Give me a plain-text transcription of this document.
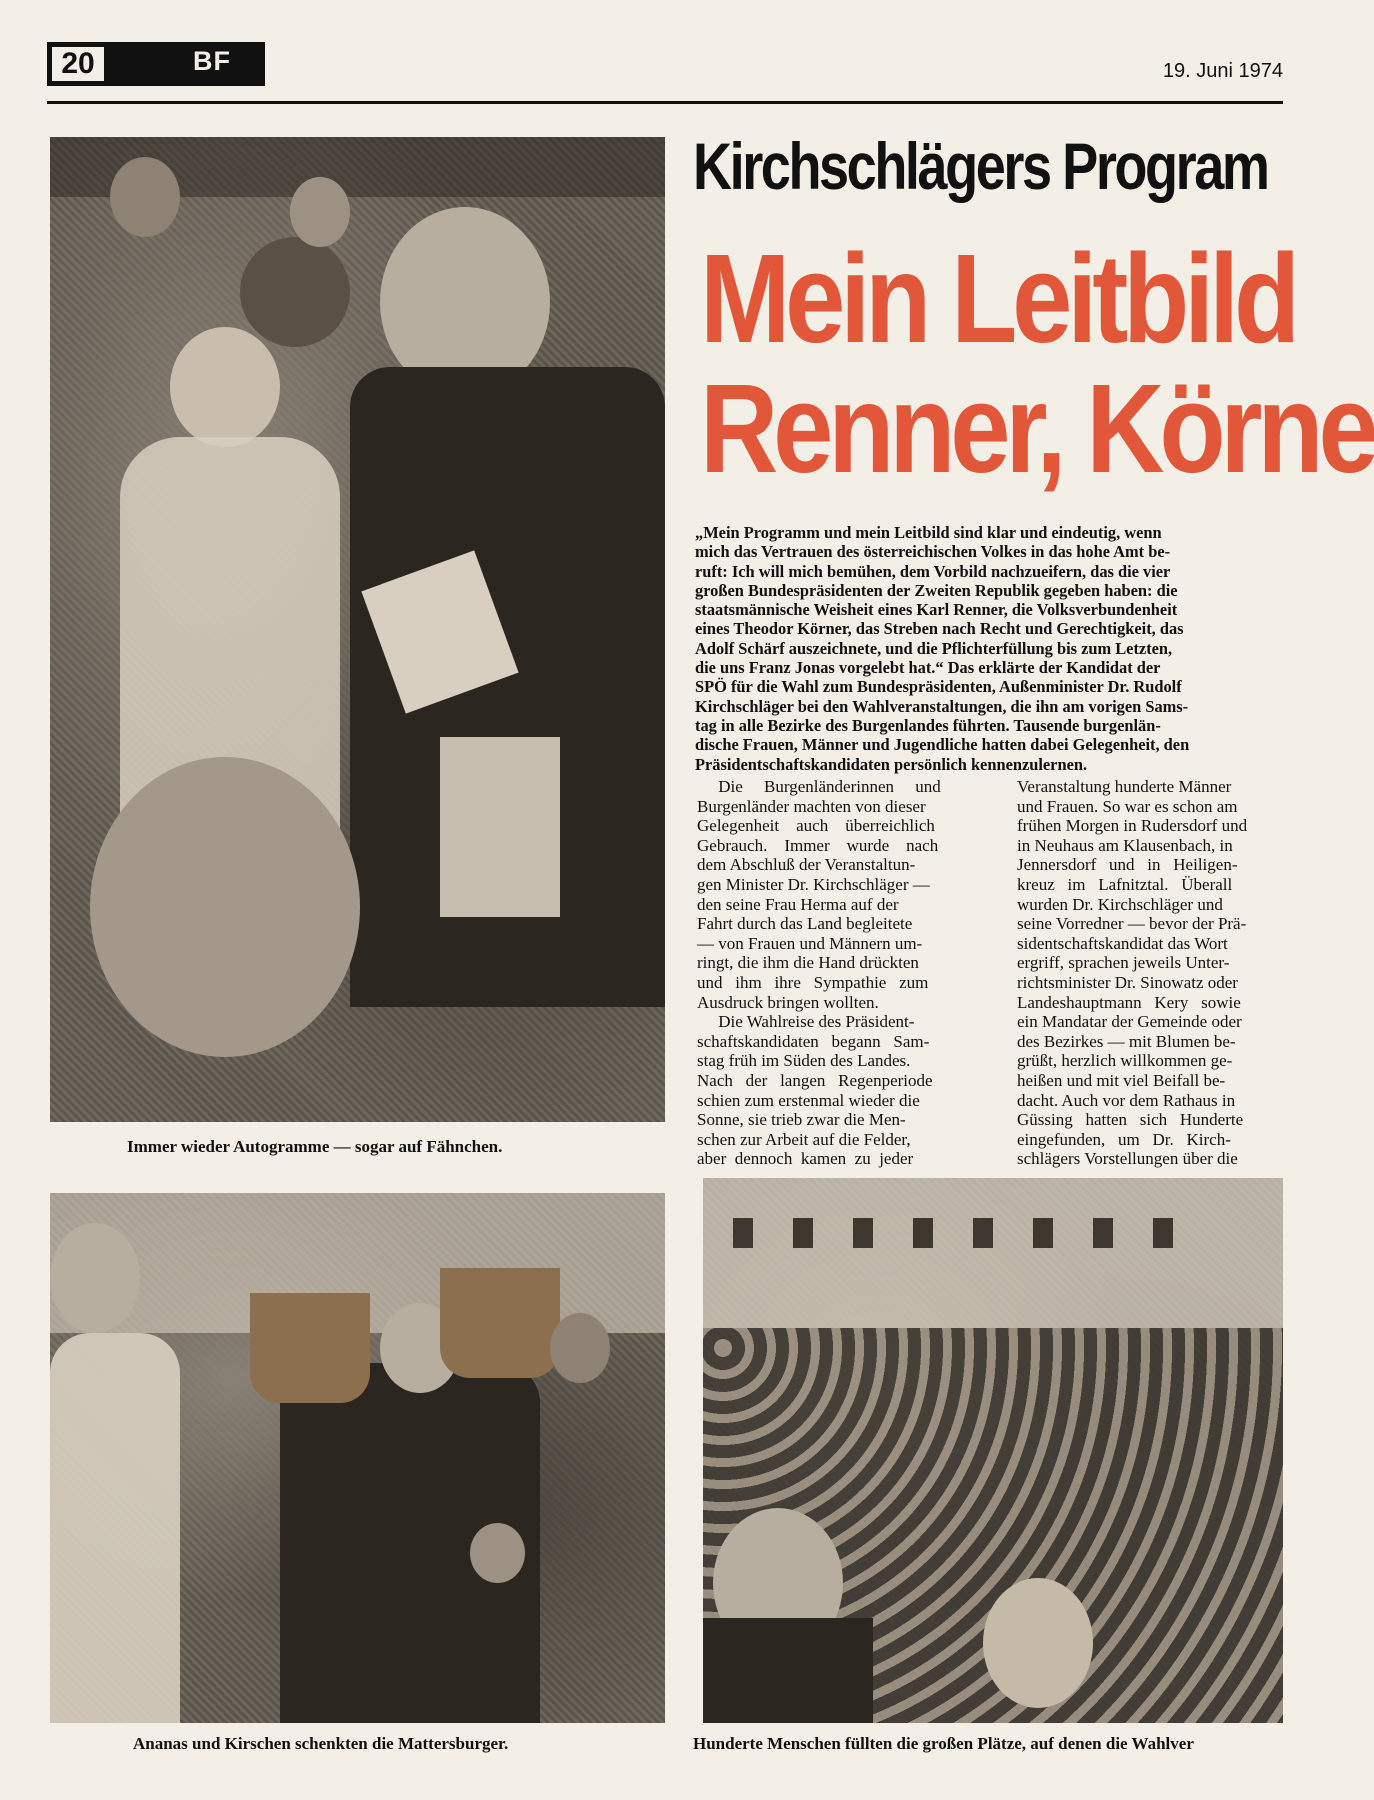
20	BF	19. Juni 1974
Immer wieder Autogramme — sogar auf Fähnchen.
Kirchschlägers Program
Mein Leitbild
Renner, Körne

„Mein Programm und mein Leitbild sind klar und eindeutig, wenn

mich das Vertrauen des österreichischen Volkes in das hohe Amt be-

ruft: Ich will mich bemühen, dem Vorbild nachzueifern, das die vier

großen Bundespräsidenten der Zweiten Republik gegeben haben: die

staatsmännische Weisheit eines Karl Renner, die Volksverbundenheit

eines Theodor Körner, das Streben nach Recht und Gerechtigkeit, das

Adolf Schärf auszeichnete, und die Pflichterfüllung bis zum Letzten,

die uns Franz Jonas vorgelebt hat.“ Das erklärte der Kandidat der

SPÖ für die Wahl zum Bundespräsidenten, Außenminister Dr. Rudolf

Kirchschläger bei den Wahlveranstaltungen, die ihn am vorigen Sams-

tag in alle Bezirke des Burgenlandes führten. Tausende burgenlän-

dische Frauen, Männer und Jugendliche hatten dabei Gelegenheit, den

Präsidentschaftskandidaten persönlich kennenzulernen.

Die     Burgenländerinnen     und

Burgenländer machten von dieser

Gelegenheit    auch    überreichlich

Gebrauch.    Immer    wurde    nach

dem Abschluß der Veranstaltun-

gen Minister Dr. Kirchschläger —

den seine Frau Herma auf der

Fahrt durch das Land begleitete

— von Frauen und Männern um-

ringt, die ihm die Hand drückten

und   ihm   ihre   Sympathie   zum

Ausdruck bringen wollten.

Die Wahlreise des Präsident-

schaftskandidaten   begann   Sam-

stag früh im Süden des Landes.

Nach   der   langen   Regenperiode

schien zum erstenmal wieder die

Sonne, sie trieb zwar die Men-

schen zur Arbeit auf die Felder,

aber  dennoch  kamen  zu  jeder

Veranstaltung hunderte Männer

und Frauen. So war es schon am

frühen Morgen in Rudersdorf und

in Neuhaus am Klausenbach, in

Jennersdorf   und   in   Heiligen-

kreuz   im   Lafnitztal.   Überall

wurden Dr. Kirchschläger und

seine Vorredner — bevor der Prä-

sidentschaftskandidat das Wort

ergriff, sprachen jeweils Unter-

richtsminister Dr. Sinowatz oder

Landeshauptmann   Kery   sowie

ein Mandatar der Gemeinde oder

des Bezirkes — mit Blumen be-

grüßt, herzlich willkommen ge-

heißen und mit viel Beifall be-

dacht. Auch vor dem Rathaus in

Güssing   hatten   sich   Hunderte

eingefunden,   um   Dr.   Kirch-

schlägers Vorstellungen über die

Ananas und Kirschen schenkten die Mattersburger.	Hunderte Menschen füllten die großen Plätze, auf denen die Wahlver
